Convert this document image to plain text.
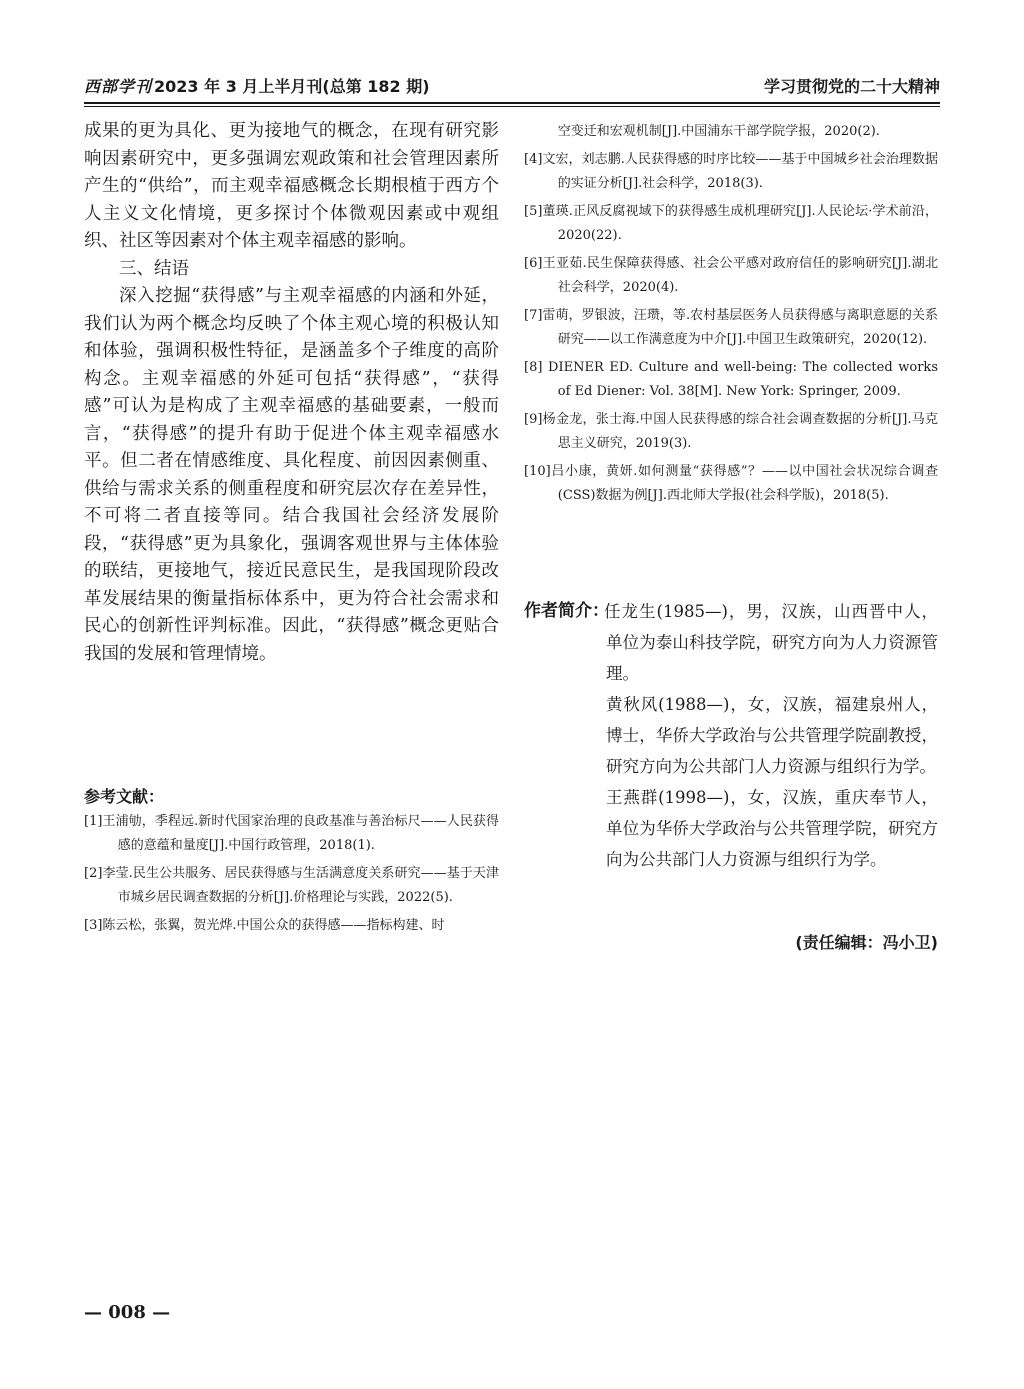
西部学刊 2023 年 3 月上半月刊(总第 182 期)	学习贯彻党的二十大精神

成果的更为具化、更为接地气的概念，在现有研究影响因素研究中，更多强调宏观政策和社会管理因素所产生的“供给”，而主观幸福感概念长期根植于西方个人主义文化情境，更多探讨个体微观因素或中观组织、社区等因素对个体主观幸福感的影响。

三、结语

深入挖掘“获得感”与主观幸福感的内涵和外延，我们认为两个概念均反映了个体主观心境的积极认知和体验，强调积极性特征，是涵盖多个子维度的高阶构念。主观幸福感的外延可包括“获得感”，“获得感”可认为是构成了主观幸福感的基础要素，一般而言，“获得感”的提升有助于促进个体主观幸福感水平。但二者在情感维度、具化程度、前因因素侧重、供给与需求关系的侧重程度和研究层次存在差异性，不可将二者直接等同。结合我国社会经济发展阶段，“获得感”更为具象化，强调客观世界与主体体验的联结，更接地气，接近民意民生，是我国现阶段改革发展结果的衡量指标体系中，更为符合社会需求和民心的创新性评判标准。因此，“获得感”概念更贴合我国的发展和管理情境。

参考文献：

[1]王浦劬，季程远.新时代国家治理的良政基准与善治标尺——人民获得感的意蕴和量度[J].中国行政管理，2018(1).

[2]李莹.民生公共服务、居民获得感与生活满意度关系研究——基于天津市城乡居民调查数据的分析[J].价格理论与实践，2022(5).

[3]陈云松，张翼，贺光烨.中国公众的获得感——指标构建、时

空变迁和宏观机制[J].中国浦东干部学院学报，2020(2).

[4]文宏，刘志鹏.人民获得感的时序比较——基于中国城乡社会治理数据的实证分析[J].社会科学，2018(3).

[5]董瑛.正风反腐视域下的获得感生成机理研究[J].人民论坛·学术前沿，2020(22).

[6]王亚茹.民生保障获得感、社会公平感对政府信任的影响研究[J].湖北社会科学，2020(4).

[7]雷萌，罗银波，汪瓒，等.农村基层医务人员获得感与离职意愿的关系研究——以工作满意度为中介[J].中国卫生政策研究，2020(12).

[8] DIENER ED. Culture and well-being: The collected works of Ed Diener: Vol. 38[M]. New York: Springer, 2009.

[9]杨金龙，张士海.中国人民获得感的综合社会调查数据的分析[J].马克思主义研究，2019(3).

[10]吕小康，黄妍.如何测量“获得感”？——以中国社会状况综合调查(CSS)数据为例[J].西北师大学报(社会科学版)，2018(5).

作者简介：

任龙生(1985—)，男，汉族，山西晋中人，单位为泰山科技学院，研究方向为人力资源管理。

黄秋风(1988—)，女，汉族，福建泉州人，博士，华侨大学政治与公共管理学院副教授，研究方向为公共部门人力资源与组织行为学。

王燕群(1998—)，女，汉族，重庆奉节人，单位为华侨大学政治与公共管理学院，研究方向为公共部门人力资源与组织行为学。

(责任编辑：冯小卫)
— 008 —
